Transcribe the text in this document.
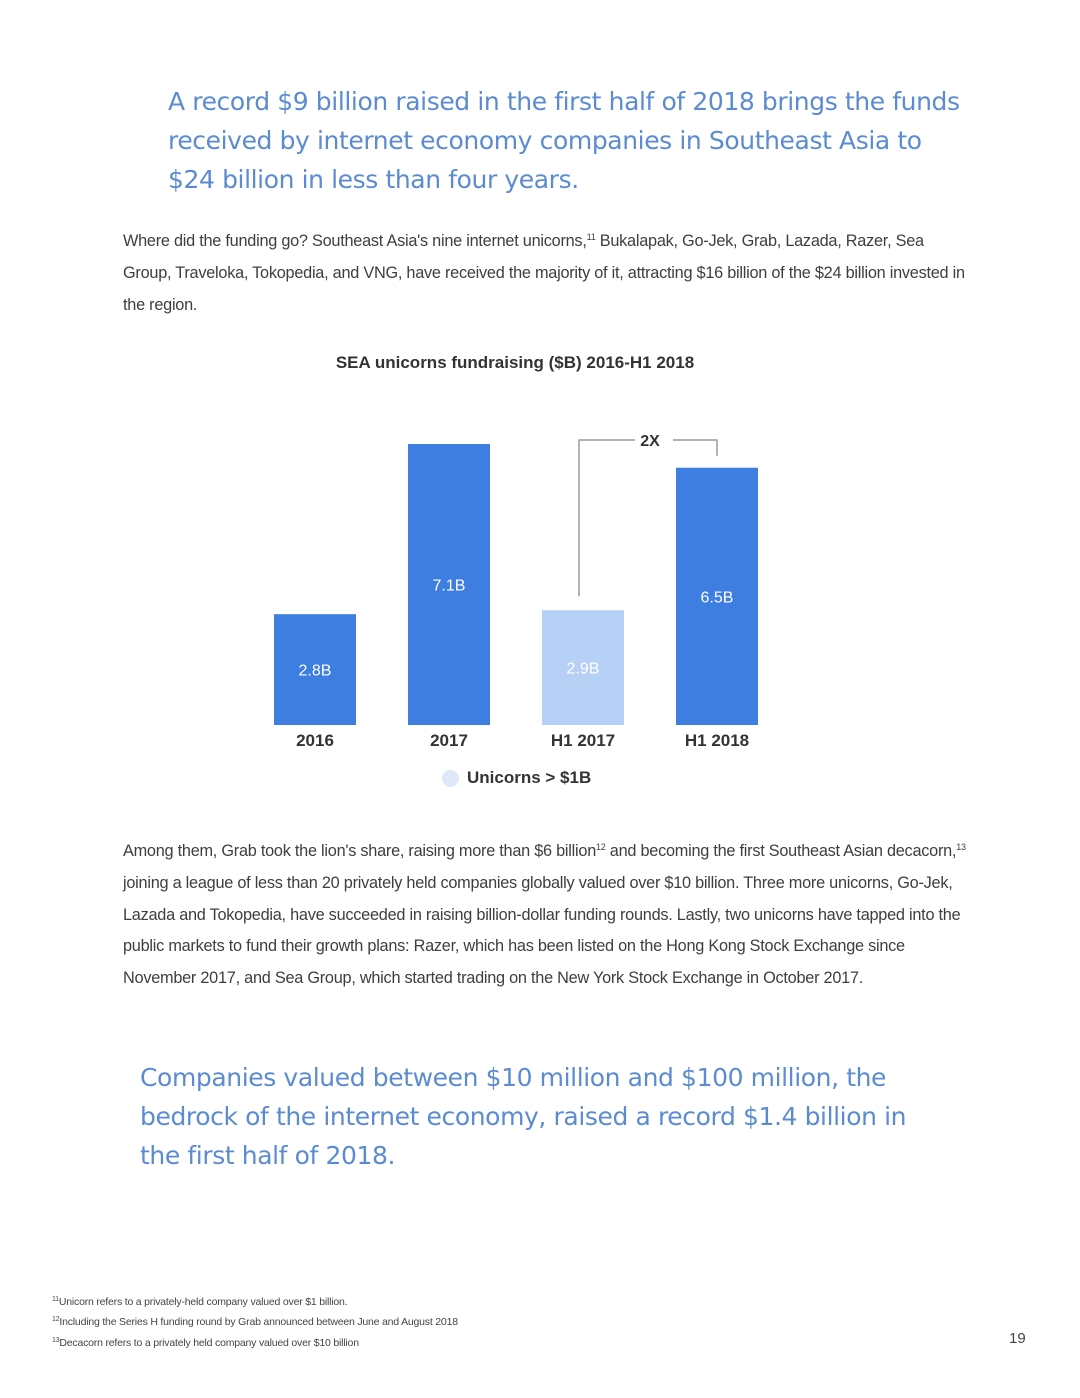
A record $9 billion raised in the first half of 2018 brings the funds received by internet economy companies in Southeast Asia to $24 billion in less than four years.

Where did the funding go? Southeast Asia's nine internet unicorns,$^{11}$ Bukalapak, Go-Jek, Grab, Lazada, Razer, Sea Group, Traveloka, Tokopedia, and VNG, have received the majority of it, attracting $16 billion of the $24 billion invested in the region.

SEA unicorns fundraising ($B) 2016-H1 2018
2.8B
2016
7.1B
2017
2.9B
H1 2017
6.5B
H1 2018
2X
Unicorns > $1B

Among them, Grab took the lion's share, raising more than $6 billion$^{12}$ and becoming the first Southeast Asian decacorn,$^{13}$ joining a league of less than 20 privately held companies globally valued over $10 billion. Three more unicorns, Go-Jek, Lazada and Tokopedia, have succeeded in raising billion-dollar funding rounds. Lastly, two unicorns have tapped into the public markets to fund their growth plans: Razer, which has been listed on the Hong Kong Stock Exchange since November 2017, and Sea Group, which started trading on the New York Stock Exchange in October 2017.

Companies valued between $10 million and $100 million, the bedrock of the internet economy, raised a record $1.4 billion in the first half of 2018.
$^{11}$Unicorn refers to a privately-held company valued over $1 billion.
$^{12}$Including the Series H funding round by Grab announced between June and August 2018
$^{13}$Decacorn refers to a privately held company valued over $10 billion	19
